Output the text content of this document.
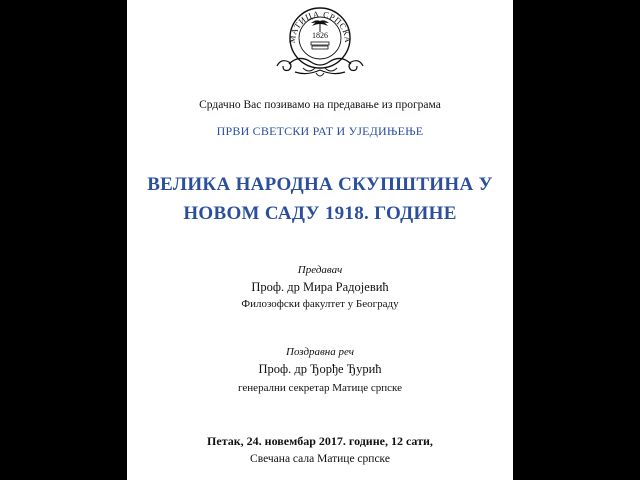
МАТИЦА СРПСКА
1826
Срдачно Вас позивамо на предавање из програма
ПРВИ СВЕТСКИ РАТ И УЈЕДИЊЕЊЕ
ВЕЛИКА НАРОДНА СКУПШТИНА У
НОВОМ САДУ 1918. ГОДИНЕ
Предавач
Проф. др Мира Радојевић
Филозофски факултет у Београду
Поздравна реч
Проф. др Ђорђе Ђурић
генерални секретар Матице српске
Петак, 24. новембар 2017. године, 12 сати,
Свечана сала Матице српске
